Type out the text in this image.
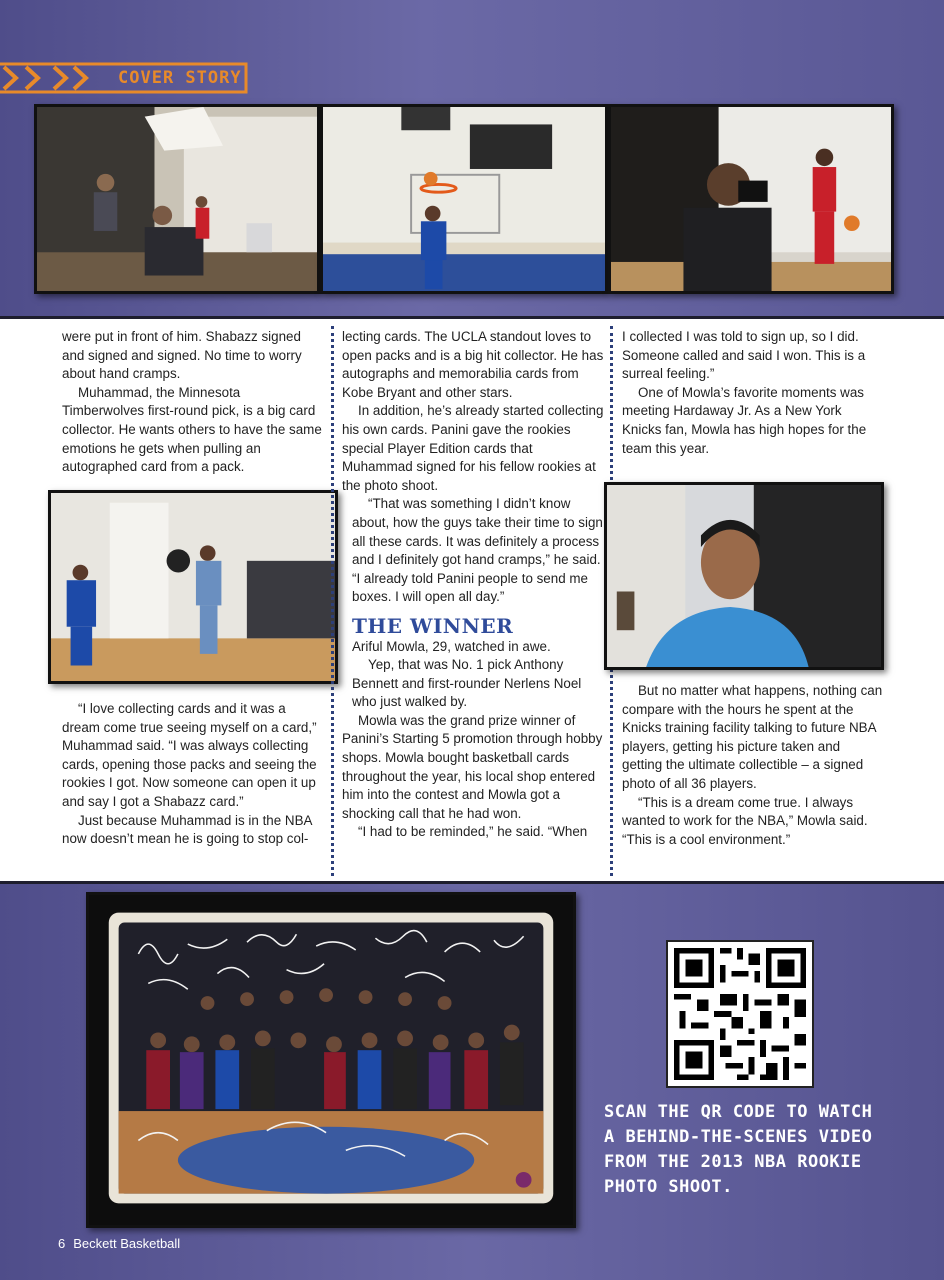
COVER STORY

were put in front of him. Shabazz signed and signed and signed. No time to worry about hand cramps.

Muhammad, the Minnesota Timberwolves first-round pick, is a big card collector. He wants others to have the same emotions he gets when pulling an autographed card from a pack.

“I love collecting cards and it was a dream come true seeing myself on a card,” Muhammad said. “I was always collecting cards, opening those packs and seeing the rookies I got. Now someone can open it up and say I got a Shabazz card.”

Just because Muhammad is in the NBA now doesn’t mean he is going to stop col-

lecting cards. The UCLA standout loves to open packs and is a big hit collector. He has autographs and memorabilia cards from Kobe Bryant and other stars.

In addition, he’s already started collecting his own cards. Panini gave the rookies special Player Edition cards that Muhammad signed for his fellow rookies at the photo shoot.

“That was something I didn’t know about, how the guys take their time to sign all these cards. It was definitely a process and I definitely got hand cramps,” he said. “I already told Panini people to send me boxes. I will open all day.”

THE WINNER

Ariful Mowla, 29, watched in awe.

Yep, that was No. 1 pick Anthony Bennett and first-rounder Nerlens Noel who just walked by.

Mowla was the grand prize winner of Panini’s Starting 5 promotion through hobby shops. Mowla bought basketball cards throughout the year, his local shop entered him into the contest and Mowla got a shocking call that he had won.

“I had to be reminded,” he said. “When

I collected I was told to sign up, so I did. Someone called and said I won. This is a surreal feeling.”

One of Mowla’s favorite moments was meeting Hardaway Jr. As a New York Knicks fan, Mowla has high hopes for the team this year.

But no matter what happens, nothing can compare with the hours he spent at the Knicks training facility talking to future NBA players, getting his picture taken and getting the ultimate collectible – a signed photo of all 36 players.

“This is a dream come true. I always wanted to work for the NBA,” Mowla said. “This is a cool environment.”

SCAN THE QR CODE TO WATCH
A BEHIND-THE-SCENES VIDEO
FROM THE 2013 NBA ROOKIE
PHOTO SHOOT.
6 Beckett Basketball
